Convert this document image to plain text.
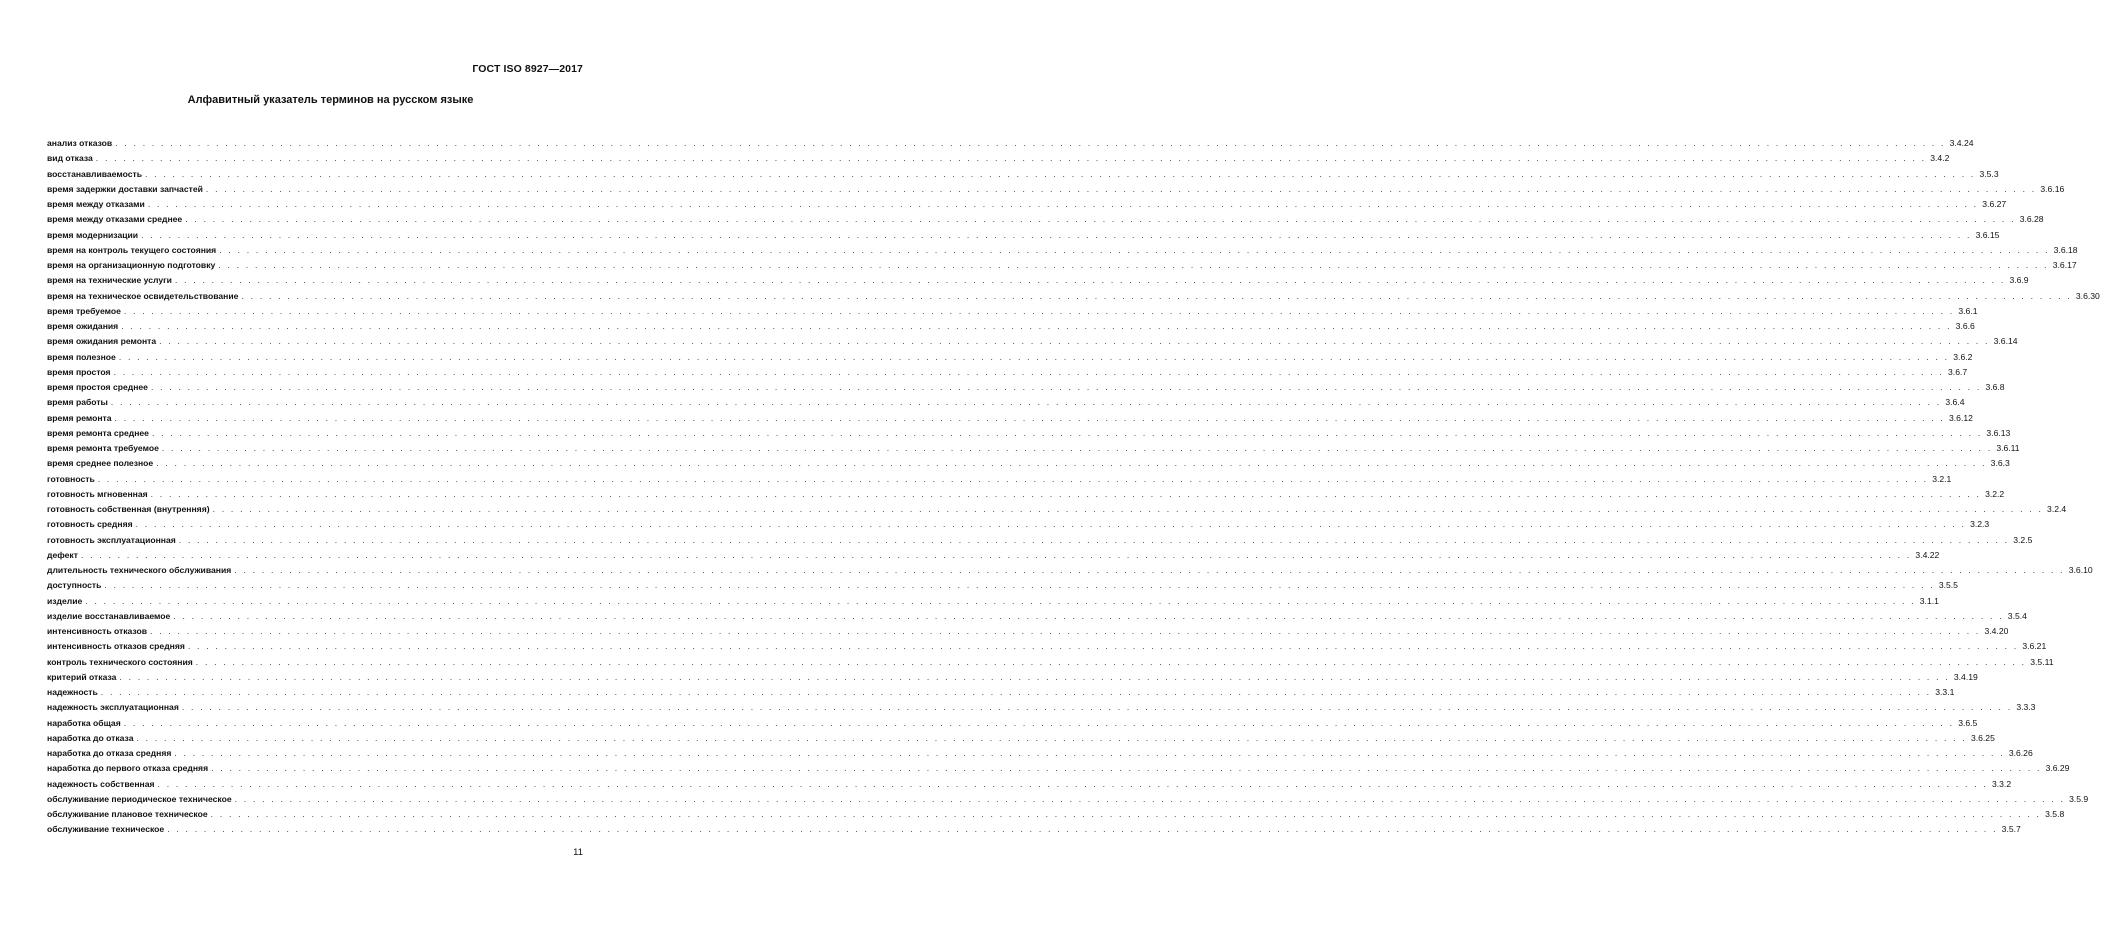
ГОСТ ISO 8927—2017
Алфавитный указатель терминов на русском языке
анализ отказов . . . . . . . . . . . . . . . . . . . . . . . . . . . . . . . . . . . . . . . . . . . . . . . . . . . . . . . . . . . . . . . . . . . . . . . . . . . . . . . . . . . . . . . . . . . . . . . . . . . . . . . . . . . . . . . . . . . . . . . . . . . . . . . . . . . . . . . . . . . . . . . . . . . . . . . . . . . . . . . . . . . . . . . . . . . . . . . . . . . . . . . . . . . . . . . . . . . . . . . . 3.4.24
вид отказа . . . . . . . . . . . . . . . . . . . . . . . . . . . . . . . . . . . . . . . . . . . . . . . . . . . . . . . . . . . . . . . . . . . . . . . . . . . . . . . . . . . . . . . . . . . . . . . . . . . . . . . . . . . . . . . . . . . . . . . . . . . . . . . . . . . . . . . . . . . . . . . . . . . . . . . . . . . . . . . . . . . . . . . . . . . . . . . . . . . . . . . . . . . . . . . . . . . . . . . . 3.4.2
восстанавливаемость . . . . . . . . . . . . . . . . . . . . . . . . . . . . . . . . . . . . . . . . . . . . . . . . . . . . . . . . . . . . . . . . . . . . . . . . . . . . . . . . . . . . . . . . . . . . . . . . . . . . . . . . . . . . . . . . . . . . . . . . . . . . . . . . . . . . . . . . . . . . . . . . . . . . . . . . . . . . . . . . . . . . . . . . . . . . . . . . . . . . . . . . . . . . . . . . . . . . . . . . 3.5.3
время задержки доставки запчастей . . . . . . . . . . . . . . . . . . . . . . . . . . . . . . . . . . . . . . . . . . . . . . . . . . . . . . . . . . . . . . . . . . . . . . . . . . . . . . . . . . . . . . . . . . . . . . . . . . . . . . . . . . . . . . . . . . . . . . . . . . . . . . . . . . . . . . . . . . . . . . . . . . . . . . . . . . . . . . . . . . . . . . . . . . . . . . . . . . . . . . . . . . . . . . . . . . . . . . . . 3.6.16
время между отказами . . . . . . . . . . . . . . . . . . . . . . . . . . . . . . . . . . . . . . . . . . . . . . . . . . . . . . . . . . . . . . . . . . . . . . . . . . . . . . . . . . . . . . . . . . . . . . . . . . . . . . . . . . . . . . . . . . . . . . . . . . . . . . . . . . . . . . . . . . . . . . . . . . . . . . . . . . . . . . . . . . . . . . . . . . . . . . . . . . . . . . . . . . . . . . . . . . . . . . . . 3.6.27
время между отказами среднее . . . . . . . . . . . . . . . . . . . . . . . . . . . . . . . . . . . . . . . . . . . . . . . . . . . . . . . . . . . . . . . . . . . . . . . . . . . . . . . . . . . . . . . . . . . . . . . . . . . . . . . . . . . . . . . . . . . . . . . . . . . . . . . . . . . . . . . . . . . . . . . . . . . . . . . . . . . . . . . . . . . . . . . . . . . . . . . . . . . . . . . . . . . . . . . . . . . . . . . . 3.6.28
время модернизации . . . . . . . . . . . . . . . . . . . . . . . . . . . . . . . . . . . . . . . . . . . . . . . . . . . . . . . . . . . . . . . . . . . . . . . . . . . . . . . . . . . . . . . . . . . . . . . . . . . . . . . . . . . . . . . . . . . . . . . . . . . . . . . . . . . . . . . . . . . . . . . . . . . . . . . . . . . . . . . . . . . . . . . . . . . . . . . . . . . . . . . . . . . . . . . . . . . . . . . . 3.6.15
время на контроль текущего состояния . . . . . . . . . . . . . . . . . . . . . . . . . . . . . . . . . . . . . . . . . . . . . . . . . . . . . . . . . . . . . . . . . . . . . . . . . . . . . . . . . . . . . . . . . . . . . . . . . . . . . . . . . . . . . . . . . . . . . . . . . . . . . . . . . . . . . . . . . . . . . . . . . . . . . . . . . . . . . . . . . . . . . . . . . . . . . . . . . . . . . . . . . . . . . . . . . . . . . . . . 3.6.18
время на организационную подготовку . . . . . . . . . . . . . . . . . . . . . . . . . . . . . . . . . . . . . . . . . . . . . . . . . . . . . . . . . . . . . . . . . . . . . . . . . . . . . . . . . . . . . . . . . . . . . . . . . . . . . . . . . . . . . . . . . . . . . . . . . . . . . . . . . . . . . . . . . . . . . . . . . . . . . . . . . . . . . . . . . . . . . . . . . . . . . . . . . . . . . . . . . . . . . . . . . . . . . . . . 3.6.17
время на технические услуги . . . . . . . . . . . . . . . . . . . . . . . . . . . . . . . . . . . . . . . . . . . . . . . . . . . . . . . . . . . . . . . . . . . . . . . . . . . . . . . . . . . . . . . . . . . . . . . . . . . . . . . . . . . . . . . . . . . . . . . . . . . . . . . . . . . . . . . . . . . . . . . . . . . . . . . . . . . . . . . . . . . . . . . . . . . . . . . . . . . . . . . . . . . . . . . . . . . . . . . . 3.6.9
время на техническое освидетельствование . . . . . . . . . . . . . . . . . . . . . . . . . . . . . . . . . . . . . . . . . . . . . . . . . . . . . . . . . . . . . . . . . . . . . . . . . . . . . . . . . . . . . . . . . . . . . . . . . . . . . . . . . . . . . . . . . . . . . . . . . . . . . . . . . . . . . . . . . . . . . . . . . . . . . . . . . . . . . . . . . . . . . . . . . . . . . . . . . . . . . . . . . . . . . . . . . . . . . . . . 3.6.30
время требуемое . . . . . . . . . . . . . . . . . . . . . . . . . . . . . . . . . . . . . . . . . . . . . . . . . . . . . . . . . . . . . . . . . . . . . . . . . . . . . . . . . . . . . . . . . . . . . . . . . . . . . . . . . . . . . . . . . . . . . . . . . . . . . . . . . . . . . . . . . . . . . . . . . . . . . . . . . . . . . . . . . . . . . . . . . . . . . . . . . . . . . . . . . . . . . . . . . . . . . . . . 3.6.1
время ожидания . . . . . . . . . . . . . . . . . . . . . . . . . . . . . . . . . . . . . . . . . . . . . . . . . . . . . . . . . . . . . . . . . . . . . . . . . . . . . . . . . . . . . . . . . . . . . . . . . . . . . . . . . . . . . . . . . . . . . . . . . . . . . . . . . . . . . . . . . . . . . . . . . . . . . . . . . . . . . . . . . . . . . . . . . . . . . . . . . . . . . . . . . . . . . . . . . . . . . . . . 3.6.6
время ожидания ремонта . . . . . . . . . . . . . . . . . . . . . . . . . . . . . . . . . . . . . . . . . . . . . . . . . . . . . . . . . . . . . . . . . . . . . . . . . . . . . . . . . . . . . . . . . . . . . . . . . . . . . . . . . . . . . . . . . . . . . . . . . . . . . . . . . . . . . . . . . . . . . . . . . . . . . . . . . . . . . . . . . . . . . . . . . . . . . . . . . . . . . . . . . . . . . . . . . . . . . . . . 3.6.14
время полезное . . . . . . . . . . . . . . . . . . . . . . . . . . . . . . . . . . . . . . . . . . . . . . . . . . . . . . . . . . . . . . . . . . . . . . . . . . . . . . . . . . . . . . . . . . . . . . . . . . . . . . . . . . . . . . . . . . . . . . . . . . . . . . . . . . . . . . . . . . . . . . . . . . . . . . . . . . . . . . . . . . . . . . . . . . . . . . . . . . . . . . . . . . . . . . . . . . . . . . . . 3.6.2
время простоя . . . . . . . . . . . . . . . . . . . . . . . . . . . . . . . . . . . . . . . . . . . . . . . . . . . . . . . . . . . . . . . . . . . . . . . . . . . . . . . . . . . . . . . . . . . . . . . . . . . . . . . . . . . . . . . . . . . . . . . . . . . . . . . . . . . . . . . . . . . . . . . . . . . . . . . . . . . . . . . . . . . . . . . . . . . . . . . . . . . . . . . . . . . . . . . . . . . . . . . . 3.6.7
время простоя среднее . . . . . . . . . . . . . . . . . . . . . . . . . . . . . . . . . . . . . . . . . . . . . . . . . . . . . . . . . . . . . . . . . . . . . . . . . . . . . . . . . . . . . . . . . . . . . . . . . . . . . . . . . . . . . . . . . . . . . . . . . . . . . . . . . . . . . . . . . . . . . . . . . . . . . . . . . . . . . . . . . . . . . . . . . . . . . . . . . . . . . . . . . . . . . . . . . . . . . . . . 3.6.8
время работы . . . . . . . . . . . . . . . . . . . . . . . . . . . . . . . . . . . . . . . . . . . . . . . . . . . . . . . . . . . . . . . . . . . . . . . . . . . . . . . . . . . . . . . . . . . . . . . . . . . . . . . . . . . . . . . . . . . . . . . . . . . . . . . . . . . . . . . . . . . . . . . . . . . . . . . . . . . . . . . . . . . . . . . . . . . . . . . . . . . . . . . . . . . . . . . . . . . . . . . . 3.6.4
время ремонта . . . . . . . . . . . . . . . . . . . . . . . . . . . . . . . . . . . . . . . . . . . . . . . . . . . . . . . . . . . . . . . . . . . . . . . . . . . . . . . . . . . . . . . . . . . . . . . . . . . . . . . . . . . . . . . . . . . . . . . . . . . . . . . . . . . . . . . . . . . . . . . . . . . . . . . . . . . . . . . . . . . . . . . . . . . . . . . . . . . . . . . . . . . . . . . . . . . . . . . . 3.6.12
время ремонта среднее . . . . . . . . . . . . . . . . . . . . . . . . . . . . . . . . . . . . . . . . . . . . . . . . . . . . . . . . . . . . . . . . . . . . . . . . . . . . . . . . . . . . . . . . . . . . . . . . . . . . . . . . . . . . . . . . . . . . . . . . . . . . . . . . . . . . . . . . . . . . . . . . . . . . . . . . . . . . . . . . . . . . . . . . . . . . . . . . . . . . . . . . . . . . . . . . . . . . . . . . 3.6.13
время ремонта требуемое . . . . . . . . . . . . . . . . . . . . . . . . . . . . . . . . . . . . . . . . . . . . . . . . . . . . . . . . . . . . . . . . . . . . . . . . . . . . . . . . . . . . . . . . . . . . . . . . . . . . . . . . . . . . . . . . . . . . . . . . . . . . . . . . . . . . . . . . . . . . . . . . . . . . . . . . . . . . . . . . . . . . . . . . . . . . . . . . . . . . . . . . . . . . . . . . . . . . . . . . 3.6.11
время среднее полезное . . . . . . . . . . . . . . . . . . . . . . . . . . . . . . . . . . . . . . . . . . . . . . . . . . . . . . . . . . . . . . . . . . . . . . . . . . . . . . . . . . . . . . . . . . . . . . . . . . . . . . . . . . . . . . . . . . . . . . . . . . . . . . . . . . . . . . . . . . . . . . . . . . . . . . . . . . . . . . . . . . . . . . . . . . . . . . . . . . . . . . . . . . . . . . . . . . . . . . . . 3.6.3
готовность . . . . . . . . . . . . . . . . . . . . . . . . . . . . . . . . . . . . . . . . . . . . . . . . . . . . . . . . . . . . . . . . . . . . . . . . . . . . . . . . . . . . . . . . . . . . . . . . . . . . . . . . . . . . . . . . . . . . . . . . . . . . . . . . . . . . . . . . . . . . . . . . . . . . . . . . . . . . . . . . . . . . . . . . . . . . . . . . . . . . . . . . . . . . . . . . . . . . . . . . 3.2.1
готовность мгновенная . . . . . . . . . . . . . . . . . . . . . . . . . . . . . . . . . . . . . . . . . . . . . . . . . . . . . . . . . . . . . . . . . . . . . . . . . . . . . . . . . . . . . . . . . . . . . . . . . . . . . . . . . . . . . . . . . . . . . . . . . . . . . . . . . . . . . . . . . . . . . . . . . . . . . . . . . . . . . . . . . . . . . . . . . . . . . . . . . . . . . . . . . . . . . . . . . . . . . . . . 3.2.2
готовность собственная (внутренняя) . . . . . . . . . . . . . . . . . . . . . . . . . . . . . . . . . . . . . . . . . . . . . . . . . . . . . . . . . . . . . . . . . . . . . . . . . . . . . . . . . . . . . . . . . . . . . . . . . . . . . . . . . . . . . . . . . . . . . . . . . . . . . . . . . . . . . . . . . . . . . . . . . . . . . . . . . . . . . . . . . . . . . . . . . . . . . . . . . . . . . . . . . . . . . . . . . . . . . . . . 3.2.4
готовность средняя . . . . . . . . . . . . . . . . . . . . . . . . . . . . . . . . . . . . . . . . . . . . . . . . . . . . . . . . . . . . . . . . . . . . . . . . . . . . . . . . . . . . . . . . . . . . . . . . . . . . . . . . . . . . . . . . . . . . . . . . . . . . . . . . . . . . . . . . . . . . . . . . . . . . . . . . . . . . . . . . . . . . . . . . . . . . . . . . . . . . . . . . . . . . . . . . . . . . . . . . 3.2.3
готовность эксплуатационная . . . . . . . . . . . . . . . . . . . . . . . . . . . . . . . . . . . . . . . . . . . . . . . . . . . . . . . . . . . . . . . . . . . . . . . . . . . . . . . . . . . . . . . . . . . . . . . . . . . . . . . . . . . . . . . . . . . . . . . . . . . . . . . . . . . . . . . . . . . . . . . . . . . . . . . . . . . . . . . . . . . . . . . . . . . . . . . . . . . . . . . . . . . . . . . . . . . . . . . . 3.2.5
дефект . . . . . . . . . . . . . . . . . . . . . . . . . . . . . . . . . . . . . . . . . . . . . . . . . . . . . . . . . . . . . . . . . . . . . . . . . . . . . . . . . . . . . . . . . . . . . . . . . . . . . . . . . . . . . . . . . . . . . . . . . . . . . . . . . . . . . . . . . . . . . . . . . . . . . . . . . . . . . . . . . . . . . . . . . . . . . . . . . . . . . . . . . . . . . . . . . . . . . . . . 3.4.22
длительность технического обслуживания . . . . . . . . . . . . . . . . . . . . . . . . . . . . . . . . . . . . . . . . . . . . . . . . . . . . . . . . . . . . . . . . . . . . . . . . . . . . . . . . . . . . . . . . . . . . . . . . . . . . . . . . . . . . . . . . . . . . . . . . . . . . . . . . . . . . . . . . . . . . . . . . . . . . . . . . . . . . . . . . . . . . . . . . . . . . . . . . . . . . . . . . . . . . . . . . . . . . . . . . 3.6.10
доступность . . . . . . . . . . . . . . . . . . . . . . . . . . . . . . . . . . . . . . . . . . . . . . . . . . . . . . . . . . . . . . . . . . . . . . . . . . . . . . . . . . . . . . . . . . . . . . . . . . . . . . . . . . . . . . . . . . . . . . . . . . . . . . . . . . . . . . . . . . . . . . . . . . . . . . . . . . . . . . . . . . . . . . . . . . . . . . . . . . . . . . . . . . . . . . . . . . . . . . . . 3.5.5
изделие . . . . . . . . . . . . . . . . . . . . . . . . . . . . . . . . . . . . . . . . . . . . . . . . . . . . . . . . . . . . . . . . . . . . . . . . . . . . . . . . . . . . . . . . . . . . . . . . . . . . . . . . . . . . . . . . . . . . . . . . . . . . . . . . . . . . . . . . . . . . . . . . . . . . . . . . . . . . . . . . . . . . . . . . . . . . . . . . . . . . . . . . . . . . . . . . . . . . . . . . 3.1.1
изделие восстанавливаемое . . . . . . . . . . . . . . . . . . . . . . . . . . . . . . . . . . . . . . . . . . . . . . . . . . . . . . . . . . . . . . . . . . . . . . . . . . . . . . . . . . . . . . . . . . . . . . . . . . . . . . . . . . . . . . . . . . . . . . . . . . . . . . . . . . . . . . . . . . . . . . . . . . . . . . . . . . . . . . . . . . . . . . . . . . . . . . . . . . . . . . . . . . . . . . . . . . . . . . . . 3.5.4
интенсивность отказов . . . . . . . . . . . . . . . . . . . . . . . . . . . . . . . . . . . . . . . . . . . . . . . . . . . . . . . . . . . . . . . . . . . . . . . . . . . . . . . . . . . . . . . . . . . . . . . . . . . . . . . . . . . . . . . . . . . . . . . . . . . . . . . . . . . . . . . . . . . . . . . . . . . . . . . . . . . . . . . . . . . . . . . . . . . . . . . . . . . . . . . . . . . . . . . . . . . . . . . . 3.4.20
интенсивность отказов средняя . . . . . . . . . . . . . . . . . . . . . . . . . . . . . . . . . . . . . . . . . . . . . . . . . . . . . . . . . . . . . . . . . . . . . . . . . . . . . . . . . . . . . . . . . . . . . . . . . . . . . . . . . . . . . . . . . . . . . . . . . . . . . . . . . . . . . . . . . . . . . . . . . . . . . . . . . . . . . . . . . . . . . . . . . . . . . . . . . . . . . . . . . . . . . . . . . . . . . . . . 3.6.21
контроль технического состояния . . . . . . . . . . . . . . . . . . . . . . . . . . . . . . . . . . . . . . . . . . . . . . . . . . . . . . . . . . . . . . . . . . . . . . . . . . . . . . . . . . . . . . . . . . . . . . . . . . . . . . . . . . . . . . . . . . . . . . . . . . . . . . . . . . . . . . . . . . . . . . . . . . . . . . . . . . . . . . . . . . . . . . . . . . . . . . . . . . . . . . . . . . . . . . . . . . . . . . . . 3.5.11
критерий отказа . . . . . . . . . . . . . . . . . . . . . . . . . . . . . . . . . . . . . . . . . . . . . . . . . . . . . . . . . . . . . . . . . . . . . . . . . . . . . . . . . . . . . . . . . . . . . . . . . . . . . . . . . . . . . . . . . . . . . . . . . . . . . . . . . . . . . . . . . . . . . . . . . . . . . . . . . . . . . . . . . . . . . . . . . . . . . . . . . . . . . . . . . . . . . . . . . . . . . . . . 3.4.19
надежность . . . . . . . . . . . . . . . . . . . . . . . . . . . . . . . . . . . . . . . . . . . . . . . . . . . . . . . . . . . . . . . . . . . . . . . . . . . . . . . . . . . . . . . . . . . . . . . . . . . . . . . . . . . . . . . . . . . . . . . . . . . . . . . . . . . . . . . . . . . . . . . . . . . . . . . . . . . . . . . . . . . . . . . . . . . . . . . . . . . . . . . . . . . . . . . . . . . . . . . . 3.3.1
надежность эксплуатационная . . . . . . . . . . . . . . . . . . . . . . . . . . . . . . . . . . . . . . . . . . . . . . . . . . . . . . . . . . . . . . . . . . . . . . . . . . . . . . . . . . . . . . . . . . . . . . . . . . . . . . . . . . . . . . . . . . . . . . . . . . . . . . . . . . . . . . . . . . . . . . . . . . . . . . . . . . . . . . . . . . . . . . . . . . . . . . . . . . . . . . . . . . . . . . . . . . . . . . . . 3.3.3
наработка общая . . . . . . . . . . . . . . . . . . . . . . . . . . . . . . . . . . . . . . . . . . . . . . . . . . . . . . . . . . . . . . . . . . . . . . . . . . . . . . . . . . . . . . . . . . . . . . . . . . . . . . . . . . . . . . . . . . . . . . . . . . . . . . . . . . . . . . . . . . . . . . . . . . . . . . . . . . . . . . . . . . . . . . . . . . . . . . . . . . . . . . . . . . . . . . . . . . . . . . . . 3.6.5
наработка до отказа . . . . . . . . . . . . . . . . . . . . . . . . . . . . . . . . . . . . . . . . . . . . . . . . . . . . . . . . . . . . . . . . . . . . . . . . . . . . . . . . . . . . . . . . . . . . . . . . . . . . . . . . . . . . . . . . . . . . . . . . . . . . . . . . . . . . . . . . . . . . . . . . . . . . . . . . . . . . . . . . . . . . . . . . . . . . . . . . . . . . . . . . . . . . . . . . . . . . . . . . 3.6.25
наработка до отказа средняя . . . . . . . . . . . . . . . . . . . . . . . . . . . . . . . . . . . . . . . . . . . . . . . . . . . . . . . . . . . . . . . . . . . . . . . . . . . . . . . . . . . . . . . . . . . . . . . . . . . . . . . . . . . . . . . . . . . . . . . . . . . . . . . . . . . . . . . . . . . . . . . . . . . . . . . . . . . . . . . . . . . . . . . . . . . . . . . . . . . . . . . . . . . . . . . . . . . . . . . . 3.6.26
наработка до первого отказа средняя . . . . . . . . . . . . . . . . . . . . . . . . . . . . . . . . . . . . . . . . . . . . . . . . . . . . . . . . . . . . . . . . . . . . . . . . . . . . . . . . . . . . . . . . . . . . . . . . . . . . . . . . . . . . . . . . . . . . . . . . . . . . . . . . . . . . . . . . . . . . . . . . . . . . . . . . . . . . . . . . . . . . . . . . . . . . . . . . . . . . . . . . . . . . . . . . . . . . . . . . 3.6.29
надежность собственная . . . . . . . . . . . . . . . . . . . . . . . . . . . . . . . . . . . . . . . . . . . . . . . . . . . . . . . . . . . . . . . . . . . . . . . . . . . . . . . . . . . . . . . . . . . . . . . . . . . . . . . . . . . . . . . . . . . . . . . . . . . . . . . . . . . . . . . . . . . . . . . . . . . . . . . . . . . . . . . . . . . . . . . . . . . . . . . . . . . . . . . . . . . . . . . . . . . . . . . . 3.3.2
обслуживание периодическое техническое . . . . . . . . . . . . . . . . . . . . . . . . . . . . . . . . . . . . . . . . . . . . . . . . . . . . . . . . . . . . . . . . . . . . . . . . . . . . . . . . . . . . . . . . . . . . . . . . . . . . . . . . . . . . . . . . . . . . . . . . . . . . . . . . . . . . . . . . . . . . . . . . . . . . . . . . . . . . . . . . . . . . . . . . . . . . . . . . . . . . . . . . . . . . . . . . . . . . . . . . 3.5.9
обслуживание плановое техническое . . . . . . . . . . . . . . . . . . . . . . . . . . . . . . . . . . . . . . . . . . . . . . . . . . . . . . . . . . . . . . . . . . . . . . . . . . . . . . . . . . . . . . . . . . . . . . . . . . . . . . . . . . . . . . . . . . . . . . . . . . . . . . . . . . . . . . . . . . . . . . . . . . . . . . . . . . . . . . . . . . . . . . . . . . . . . . . . . . . . . . . . . . . . . . . . . . . . . . . . 3.5.8
обслуживание техническое . . . . . . . . . . . . . . . . . . . . . . . . . . . . . . . . . . . . . . . . . . . . . . . . . . . . . . . . . . . . . . . . . . . . . . . . . . . . . . . . . . . . . . . . . . . . . . . . . . . . . . . . . . . . . . . . . . . . . . . . . . . . . . . . . . . . . . . . . . . . . . . . . . . . . . . . . . . . . . . . . . . . . . . . . . . . . . . . . . . . . . . . . . . . . . . . . . . . . . . . 3.5.7
11
